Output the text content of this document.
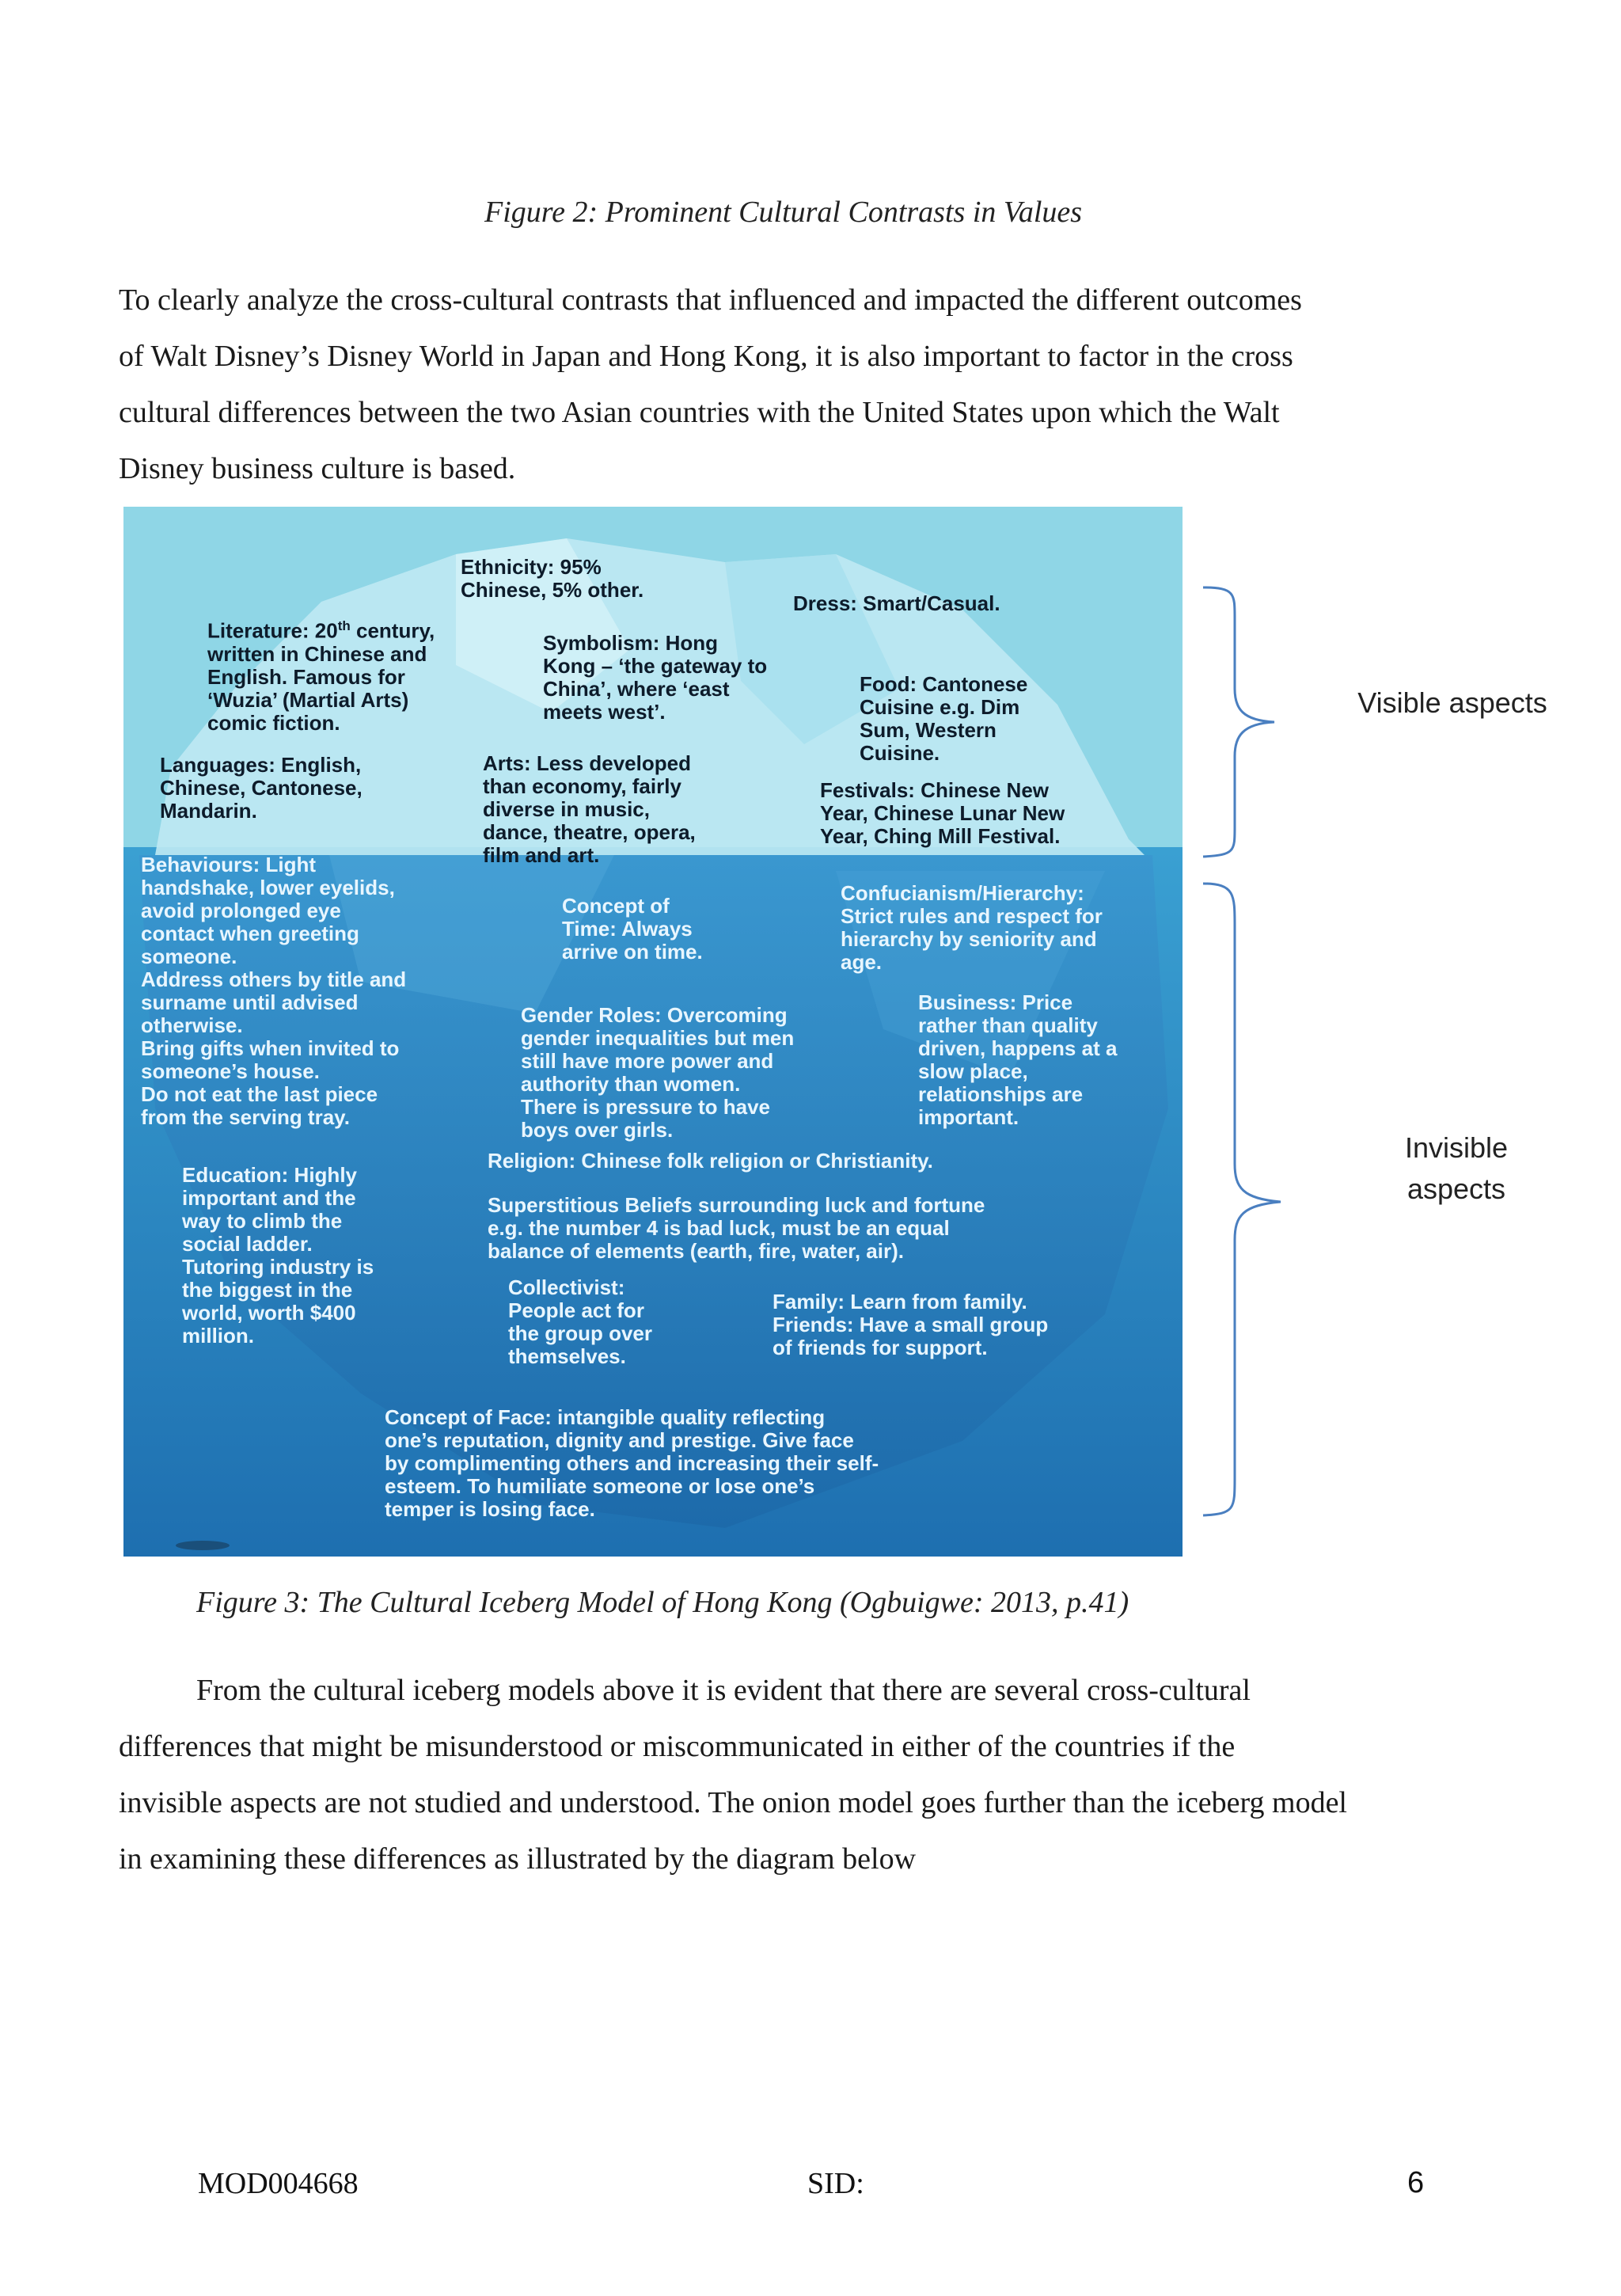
Figure 2: Prominent Cultural Contrasts in Values
To clearly analyze the cross-cultural contrasts that influenced and impacted the different outcomes
of Walt Disney’s Disney World in Japan and Hong Kong, it is also important to factor in the cross
cultural differences between the two Asian countries with the United States upon which the Walt
Disney business culture is based.
Ethnicity: 95%
Chinese, 5% other.
Dress: Smart/Casual.
Literature: 20th century,
written in Chinese and
English. Famous for
‘Wuzia’ (Martial Arts)
comic fiction.
Symbolism: Hong
Kong – ‘the gateway to
China’, where ‘east
meets west’.
Food: Cantonese
Cuisine e.g. Dim
Sum, Western
Cuisine.
Languages: English,
Chinese, Cantonese,
Mandarin.
Arts: Less developed
than economy, fairly
diverse in music,
dance, theatre, opera,
film and art.
Festivals: Chinese New
Year, Chinese Lunar New
Year, Ching Mill Festival.
Behaviours: Light
handshake, lower eyelids,
avoid prolonged eye
contact when greeting
someone.
Address others by title and
surname until advised
otherwise.
Bring gifts when invited to
someone’s house.
Do not eat the last piece
from the serving tray.
Concept of
Time: Always
arrive on time.
Confucianism/Hierarchy:
Strict rules and respect for
hierarchy by seniority and
age.
Gender Roles: Overcoming
gender inequalities but men
still have more power and
authority than women.
There is pressure to have
boys over girls.
Business: Price
rather than quality
driven, happens at a
slow place,
relationships are
important.
Religion: Chinese folk religion or Christianity.
Education: Highly
important and the
way to climb the
social ladder.
Tutoring industry is
the biggest in the
world, worth $400
million.
Superstitious Beliefs surrounding luck and fortune
e.g. the number 4 is bad luck, must be an equal
balance of elements (earth, fire, water, air).
Collectivist:
People act for
the group over
themselves.
Family: Learn from family.
Friends: Have a small group
of friends for support.
Concept of Face: intangible quality reflecting
one’s reputation, dignity and prestige. Give face
by complimenting others and increasing their self-
esteem. To humiliate someone or lose one’s
temper is losing face.
Visible aspects
Invisible
aspects
Figure 3: The Cultural Iceberg Model of Hong Kong (Ogbuigwe: 2013, p.41)
From the cultural iceberg models above it is evident that there are several cross-cultural
differences that might be misunderstood or miscommunicated in either of the countries if the
invisible aspects are not studied and understood. The onion model goes further than the iceberg model
in examining these differences as illustrated by the diagram below
MOD004668	SID:	6
